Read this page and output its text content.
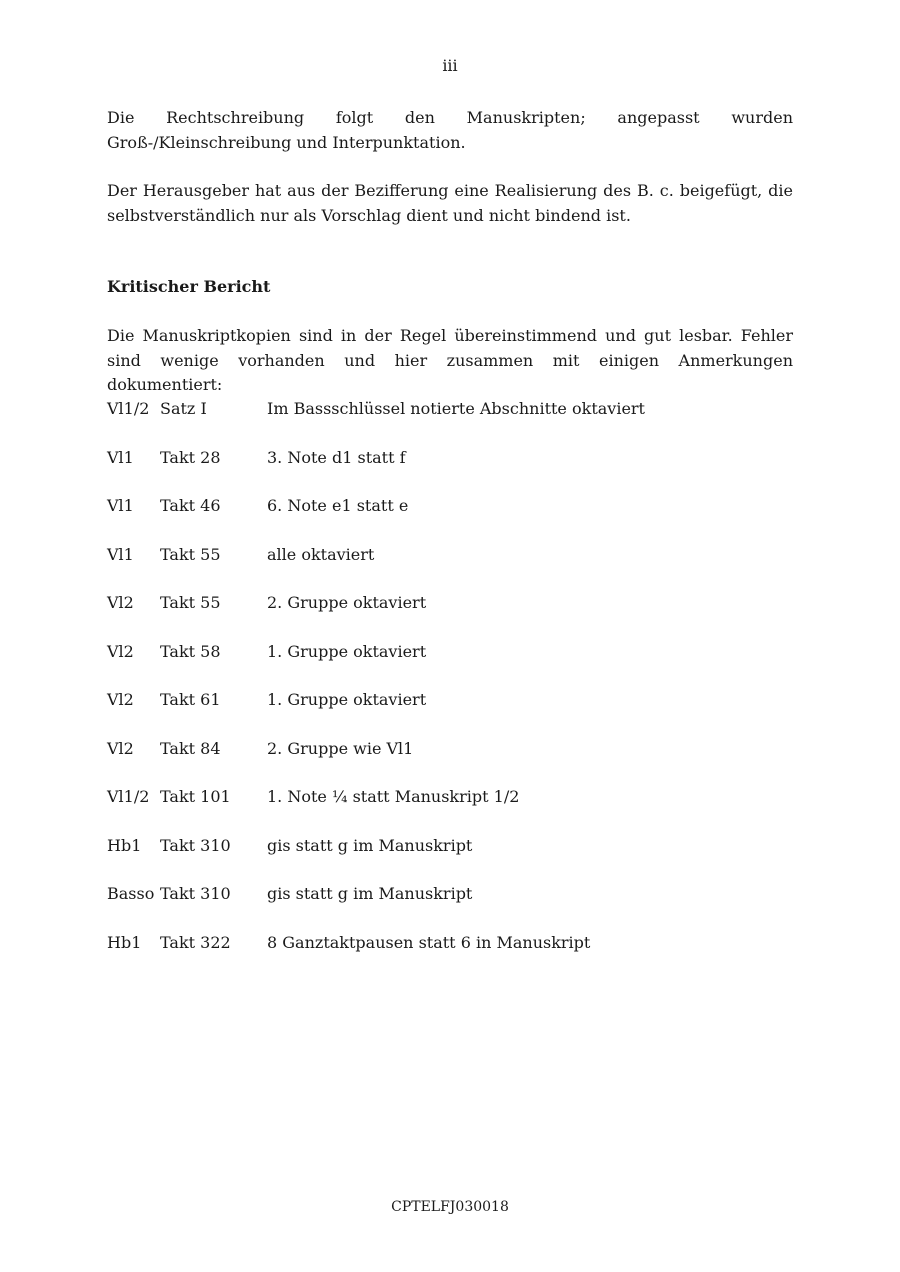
iii

Die Rechtschreibung folgt den Manuskripten; angepasst wurden Groß-/Kleinschreibung und Interpunktation.

Der Herausgeber hat aus der Bezifferung eine Realisierung des B. c. beigefügt, die selbstverständlich nur als Vorschlag dient und nicht bindend ist.

Kritischer Bericht

Die Manuskriptkopien sind in der Regel übereinstimmend und gut lesbar. Fehler sind wenige vorhanden und hier zusammen mit einigen Anmerkungen dokumentiert:

Vl1/2 Satz I	Im Bassschlüssel notierte Abschnitte oktaviert
Vl1 Takt 28	3. Note d1 statt f
Vl1 Takt 46	6. Note e1 statt e
Vl1 Takt 55	alle oktaviert
Vl2 Takt 55	2. Gruppe oktaviert
Vl2 Takt 58	1. Gruppe oktaviert
Vl2 Takt 61	1. Gruppe oktaviert
Vl2 Takt 84	2. Gruppe wie Vl1
Vl1/2 Takt 101 1. Note ¼ statt Manuskript 1/2
Hb1 Takt 310 gis statt g im Manuskript
Basso Takt 310 gis statt g im Manuskript
Hb1 Takt 322 8 Ganztaktpausen statt 6 in Manuskript
CPTELFJ030018
